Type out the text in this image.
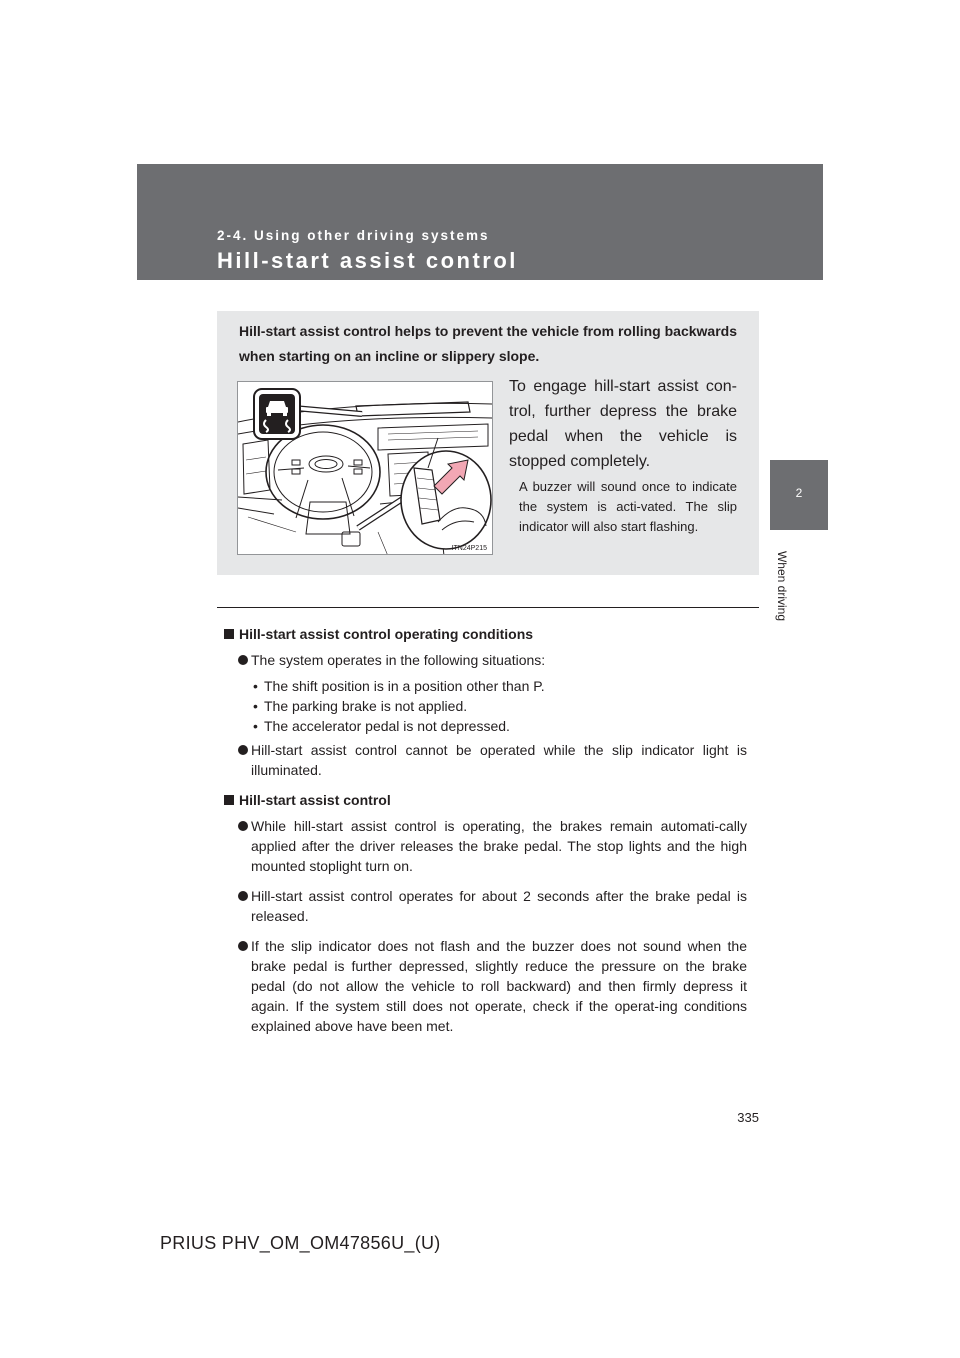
2-4. Using other driving systems
Hill-start assist control
2
When driving
Hill-start assist control helps to prevent the vehicle from rolling backwards when starting on an incline or slippery slope.
ITN24P215
To engage hill-start assist con-trol, further depress the brake pedal when the vehicle is stopped completely.
A buzzer will sound once to indicate the system is acti-vated. The slip indicator will also start flashing.
Hill-start assist control operating conditions
The system operates in the following situations:
• The shift position is in a position other than P.
• The parking brake is not applied.
• The accelerator pedal is not depressed.
Hill-start assist control cannot be operated while the slip indicator light is illuminated.
Hill-start assist control
While hill-start assist control is operating, the brakes remain automati-cally applied after the driver releases the brake pedal. The stop lights and the high mounted stoplight turn on.
Hill-start assist control operates for about 2 seconds after the brake pedal is released.
If the slip indicator does not flash and the buzzer does not sound when the brake pedal is further depressed, slightly reduce the pressure on the brake pedal (do not allow the vehicle to roll backward) and then firmly depress it again. If the system still does not operate, check if the operat-ing conditions explained above have been met.
335
PRIUS PHV_OM_OM47856U_(U)
